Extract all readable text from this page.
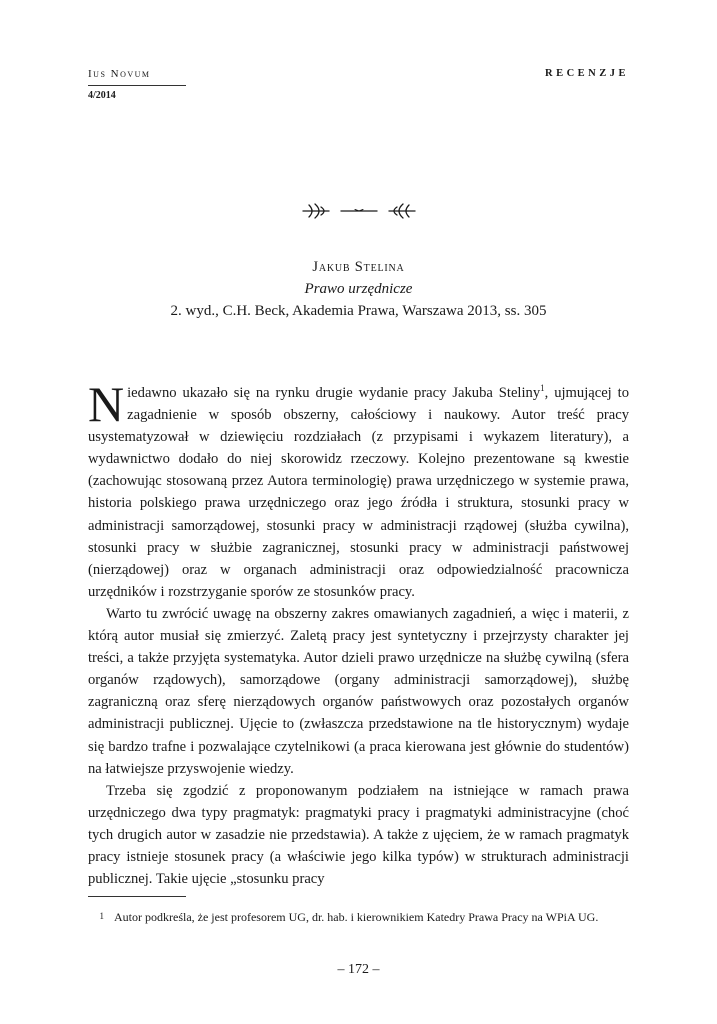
Ius Novum
4/2014
RECENZJE
Jakub Stelina
Prawo urzędnicze
2. wyd., C.H. Beck, Akademia Prawa, Warszawa 2013, ss. 305

Niedawno ukazało się na rynku drugie wydanie pracy Jakuba Steliny$^1$, ujmującej to zagadnienie w sposób obszerny, całościowy i naukowy. Autor treść pracy usystematyzował w dziewięciu rozdziałach (z przypisami i wykazem literatury), a wydawnictwo dodało do niej skorowidz rzeczowy. Kolejno prezentowane są kwestie (zachowując stosowaną przez Autora terminologię) prawa urzędniczego w systemie prawa, historia polskiego prawa urzędniczego oraz jego źródła i struktura, stosunki pracy w administracji samorządowej, stosunki pracy w administracji rządowej (służba cywilna), stosunki pracy w służbie zagranicznej, stosunki pracy w administracji państwowej (nierządowej) oraz w organach administracji oraz odpowiedzialność pracownicza urzędników i rozstrzyganie sporów ze stosunków pracy.

Warto tu zwrócić uwagę na obszerny zakres omawianych zagadnień, a więc i materii, z którą autor musiał się zmierzyć. Zaletą pracy jest syntetyczny i przejrzysty charakter jej treści, a także przyjęta systematyka. Autor dzieli prawo urzędnicze na służbę cywilną (sfera organów rządowych), samorządowe (organy administracji samorządowej), służbę zagraniczną oraz sferę nierządowych organów państwowych oraz pozostałych organów administracji publicznej. Ujęcie to (zwłaszcza przedstawione na tle historycznym) wydaje się bardzo trafne i pozwalające czytelnikowi (a praca kierowana jest głównie do studentów) na łatwiejsze przyswojenie wiedzy.

Trzeba się zgodzić z proponowanym podziałem na istniejące w ramach prawa urzędniczego dwa typy pragmatyk: pragmatyki pracy i pragmatyki administracyjne (choć tych drugich autor w zasadzie nie przedstawia). A także z ujęciem, że w ramach pragmatyk pracy istnieje stosunek pracy (a właściwie jego kilka typów) w strukturach administracji publicznej. Takie ujęcie „stosunku pracy

1 Autor podkreśla, że jest profesorem UG, dr. hab. i kierownikiem Katedry Prawa Pracy na WPiA UG.
– 172 –
